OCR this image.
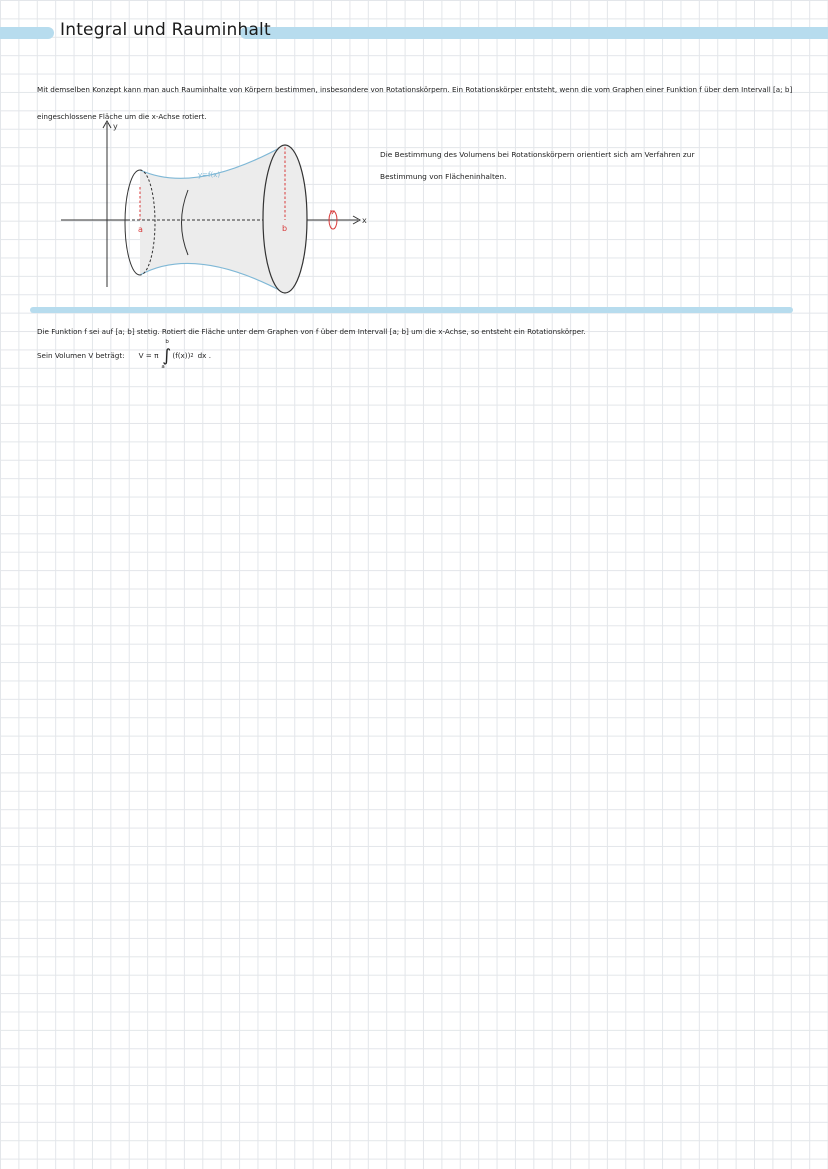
Integral und Rauminhalt
Mit demselben Konzept kann man auch Rauminhalte von Körpern bestimmen, insbesondere von Rotationskörpern. Ein Rotationskörper entsteht, wenn die vom Graphen einer Funktion f über dem Intervall [a; b] eingeschlossene Fläche um die x-Achse rotiert.
y
x
y=f(x)
a	b
Die Bestimmung des Volumens bei Rotationskörpern orientiert sich am Verfahren zur Bestimmung von Flächeninhalten.
Die Funktion f sei auf [a; b] stetig. Rotiert die Fläche unter dem Graphen von f über dem Intervall [a; b] um die x-Achse, so entsteht ein Rotationskörper.
Sein Volumen V beträgt: V = π
b
∫
a
(f(x)) 2 dx .
